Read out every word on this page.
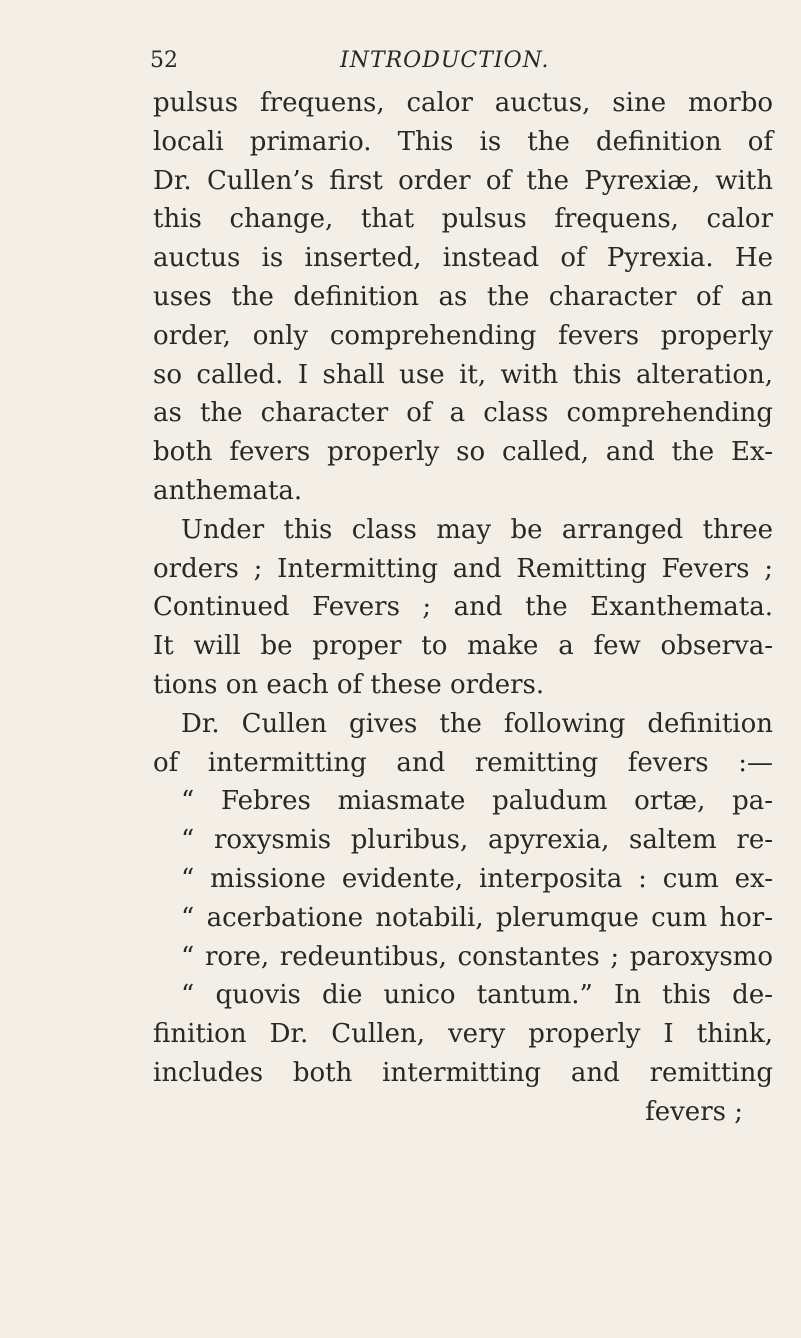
52	INTRODUCTION.
pulsus frequens, calor auctus, sine morbo
locali primario. This is the definition of
Dr. Cullen’s first order of the Pyrexiæ, with
this change, that pulsus frequens, calor
auctus is inserted, instead of Pyrexia. He
uses the definition as the character of an
order, only comprehending fevers properly
so called. I shall use it, with this alteration,
as the character of a class comprehending
both fevers properly so called, and the Ex-
anthemata.
Under this class may be arranged three
orders ; Intermitting and Remitting Fevers ;
Continued Fevers ; and the Exanthemata.
It will be proper to make a few observa-
tions on each of these orders.
Dr. Cullen gives the following definition
of intermitting and remitting fevers :—
“ Febres miasmate paludum ortæ, pa-
“ roxysmis pluribus, apyrexia, saltem re-
“ missione evidente, interposita : cum ex-
“ acerbatione notabili, plerumque cum hor-
“ rore, redeuntibus, constantes ; paroxysmo
“ quovis die unico tantum.” In this de-
finition Dr. Cullen, very properly I think,
includes both intermitting and remitting
fevers ;
